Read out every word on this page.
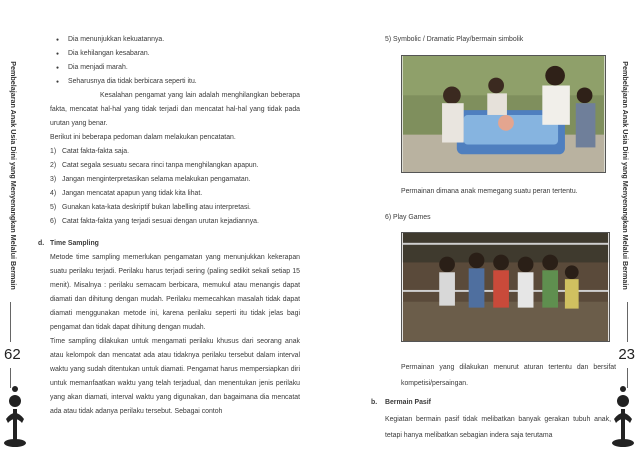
Pembelajaran Anak Usia Dini yang Menyenangkan Melalui Bermain
62
● Dia menunjukkan kekuatannya.
● Dia kehilangan kesabaran.
● Dia menjadi marah.
● Seharusnya dia tidak berbicara seperti itu.

Kesalahan pengamat yang lain adalah menghilangkan beberapa fakta, mencatat hal-hal yang tidak terjadi dan mencatat hal-hal yang tidak pada urutan yang benar.

Berikut ini beberapa pedoman dalam melakukan pencatatan.

1) Catat fakta-fakta saja.
2) Catat segala sesuatu secara rinci tanpa menghilangkan apapun.
3) Jangan menginterpretasikan selama melakukan pengamatan.
4) Jangan mencatat apapun yang tidak kita lihat.
5) Gunakan kata-kata deskriptif bukan labelling atau interpretasi.
6) Catat fakta-fakta yang terjadi sesuai dengan urutan kejadiannya.
d. Time Sampling

Metode time sampling memerlukan pengamatan yang menunjukkan kekerapan suatu perilaku terjadi. Perilaku harus terjadi sering (paling sedikit sekali setiap 15 menit). Misalnya : perilaku semacam berbicara, memukul atau menangis dapat diamati dan dihitung dengan mudah. Perilaku memecahkan masalah tidak dapat diamati menggunakan metode ini, karena perilaku seperti itu tidak jelas bagi pengamat dan tidak dapat dihitung dengan mudah.

Time sampling dilakukan untuk mengamati perilaku khusus dari seorang anak atau kelompok dan mencatat ada atau tidaknya perilaku tersebut dalam interval waktu yang sudah ditentukan untuk diamati. Pengamat harus mempersiapkan diri untuk memanfaatkan waktu yang telah terjadual, dan menentukan jenis perilaku yang akan diamati, interval waktu yang digunakan, dan bagaimana dia mencatat ada atau tidak adanya perilaku tersebut. Sebagai contoh

Pembelajaran Anak Usia Dini yang Menyenangkan Melalui Bermain
23
5) Symbolic / Dramatic Play/bermain simbolik
Permainan dimana anak memegang suatu peran tertentu.
6) Play Games

Permainan yang dilakukan menurut aturan tertentu dan bersifat kompetisi/persaingan.

b. Bermain Pasif

Kegiatan bermain pasif tidak melibatkan banyak gerakan tubuh anak, tetapi hanya melibatkan sebagian indera saja terutama
